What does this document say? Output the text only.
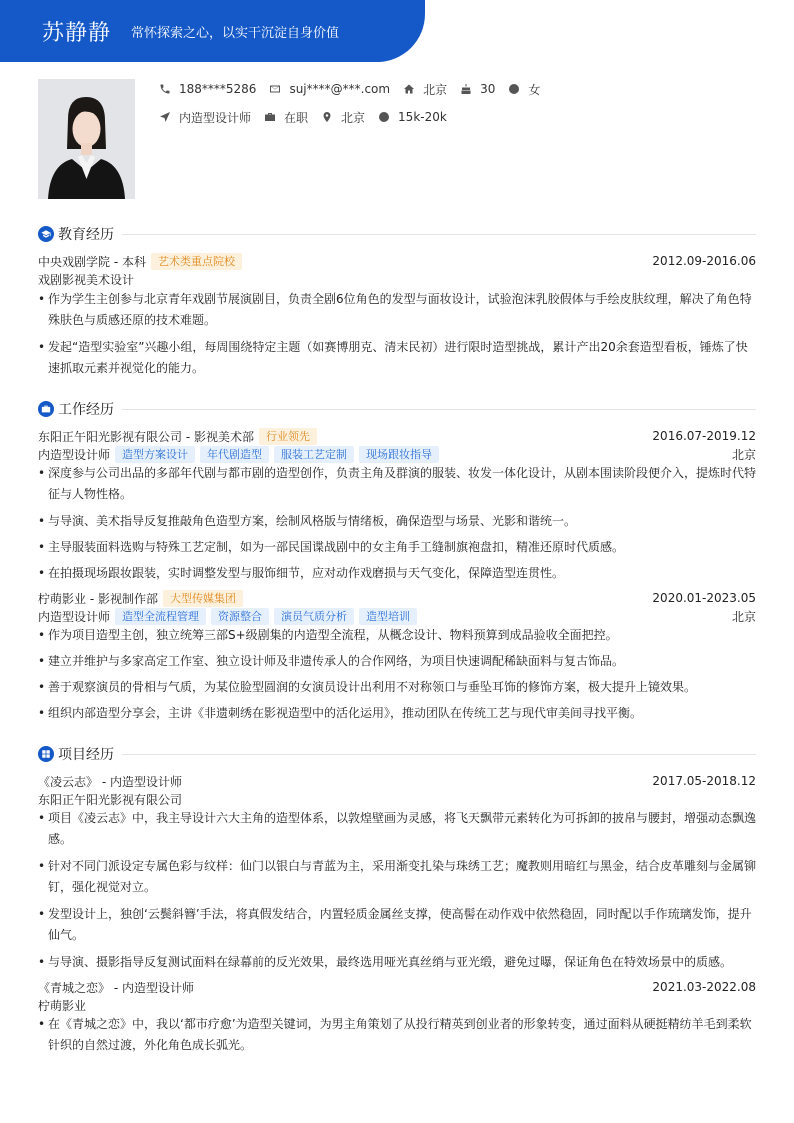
苏静静 常怀探索之心，以实干沉淀自身价值
188****5286	suj****@***.com	北京	30	女
内造型设计师	在职	北京	15k-20k
教育经历
中央戏剧学院 - 本科	艺术类重点院校	2012.09-2016.06
戏剧影视美术设计
• 作为学生主创参与北京青年戏剧节展演剧目，负责全剧6位角色的发型与面妆设计，试验泡沫乳胶假体与手绘皮肤纹理，解决了角色特殊肤色与质感还原的技术难题。
• 发起“造型实验室”兴趣小组，每周围绕特定主题（如赛博朋克、清末民初）进行限时造型挑战，累计产出20余套造型看板，锤炼了快速抓取元素并视觉化的能力。
工作经历
东阳正午阳光影视有限公司 - 影视美术部	行业领先	2016.07-2019.12
内造型设计师	造型方案设计	年代剧造型	服装工艺定制	现场跟妆指导	北京
• 深度参与公司出品的多部年代剧与都市剧的造型创作，负责主角及群演的服装、妆发一体化设计，从剧本围读阶段便介入，提炼时代特征与人物性格。
• 与导演、美术指导反复推敲角色造型方案，绘制风格版与情绪板，确保造型与场景、光影和谐统一。
• 主导服装面料选购与特殊工艺定制，如为一部民国谍战剧中的女主角手工缝制旗袍盘扣，精准还原时代质感。
• 在拍摄现场跟妆跟装，实时调整发型与服饰细节，应对动作戏磨损与天气变化，保障造型连贯性。
柠萌影业 - 影视制作部	大型传媒集团	2020.01-2023.05
内造型设计师	造型全流程管理	资源整合	演员气质分析	造型培训	北京
• 作为项目造型主创，独立统筹三部S+级剧集的内造型全流程，从概念设计、物料预算到成品验收全面把控。
• 建立并维护与多家高定工作室、独立设计师及非遗传承人的合作网络，为项目快速调配稀缺面料与复古饰品。
• 善于观察演员的骨相与气质，为某位脸型圆润的女演员设计出利用不对称领口与垂坠耳饰的修饰方案，极大提升上镜效果。
• 组织内部造型分享会，主讲《非遗刺绣在影视造型中的活化运用》，推动团队在传统工艺与现代审美间寻找平衡。
项目经历
《凌云志》 - 内造型设计师	2017.05-2018.12
东阳正午阳光影视有限公司
• 项目《凌云志》中，我主导设计六大主角的造型体系，以敦煌壁画为灵感，将飞天飘带元素转化为可拆卸的披帛与腰封，增强动态飘逸感。
• 针对不同门派设定专属色彩与纹样：仙门以银白与青蓝为主，采用渐变扎染与珠绣工艺；魔教则用暗红与黑金，结合皮革雕刻与金属铆钉，强化视觉对立。
• 发型设计上，独创‘云鬓斜簪’手法，将真假发结合，内置轻质金属丝支撑，使高髻在动作戏中依然稳固，同时配以手作琉璃发饰，提升仙气。
• 与导演、摄影指导反复测试面料在绿幕前的反光效果，最终选用哑光真丝绡与亚光缎，避免过曝，保证角色在特效场景中的质感。
《青城之恋》 - 内造型设计师	2021.03-2022.08
柠萌影业
• 在《青城之恋》中，我以‘都市疗愈’为造型关键词，为男主角策划了从投行精英到创业者的形象转变，通过面料从硬挺精纺羊毛到柔软针织的自然过渡，外化角色成长弧光。
